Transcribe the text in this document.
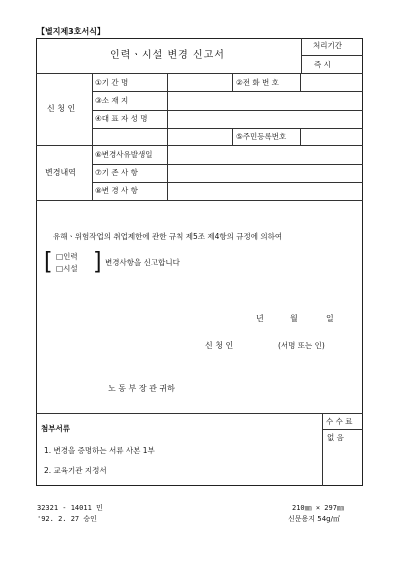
【별지제3호서식】
인력ㆍ시설 변경 신고서
처리기간
즉 시
신 청 인
①기 간 명	②전 화 번 호
③소 재 지
④대 표 자 성 명
⑤주민등록번호
변경내역
⑥변경사유발생일
⑦기 존 사 항
⑧변 경 사 항
유해ㆍ위험작업의 취업제한에 관한 규칙 제5조 제4항의 규정에 의하여
[ □인력
□시설 ] 변경사항을 신고합니다
년	월	일
신 청 인	(서명 또는 인)
노 동 부 장 관 귀하
첨부서류
1. 변경을 증명하는 서류 사본 1부
2. 교육기관 지정서
수 수 료
없 음
32321 - 14011 민
'92. 2. 27 승인
210㎜ × 297㎜
신문용지 54g/㎡
